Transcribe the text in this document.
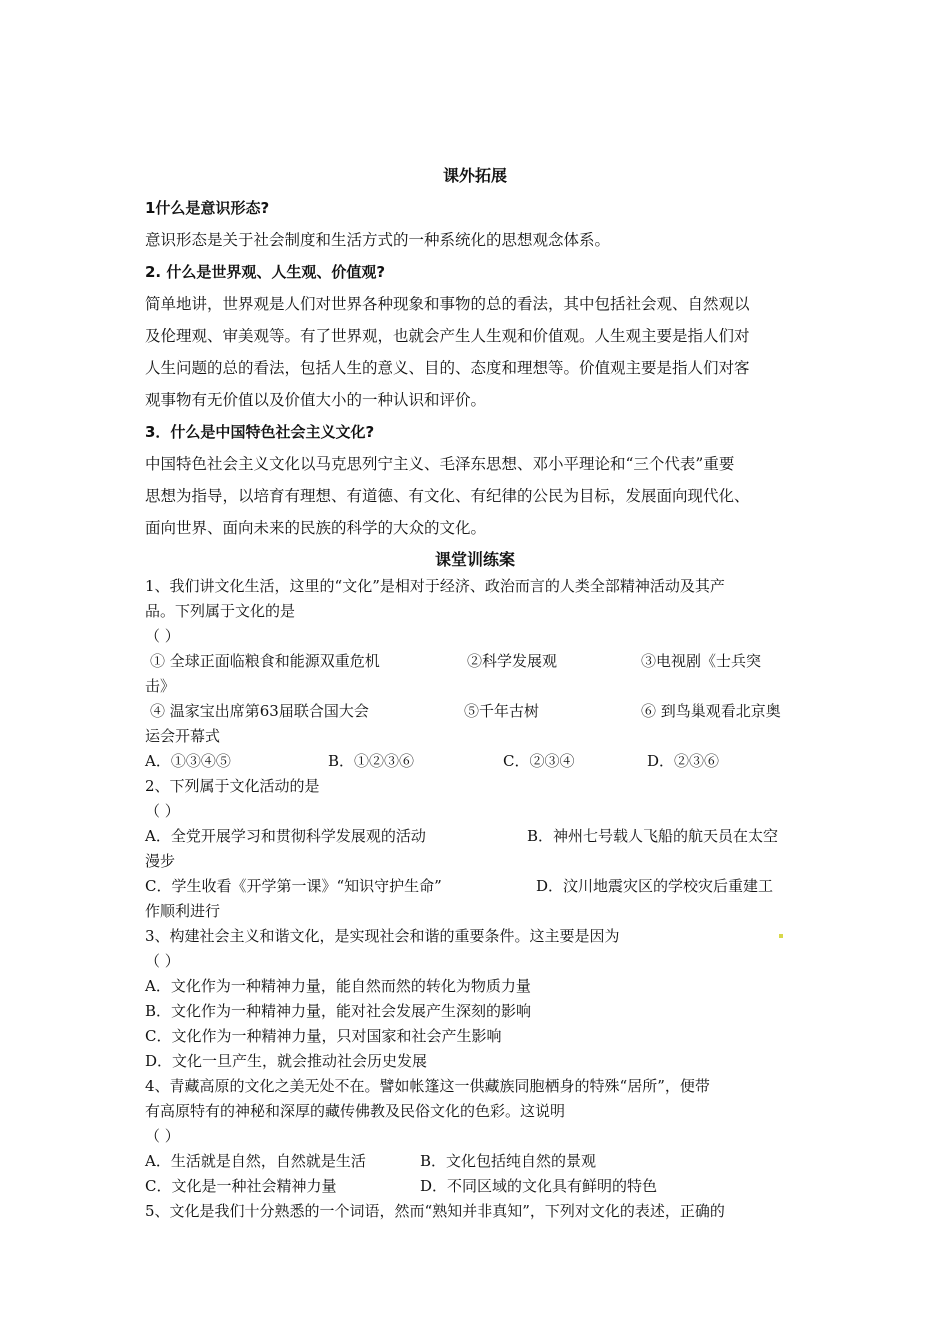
课外拓展
1什么是意识形态?
意识形态是关于社会制度和生活方式的一种系统化的思想观念体系。
2. 什么是世界观、人生观、价值观?
简单地讲，世界观是人们对世界各种现象和事物的总的看法，其中包括社会观、自然观以
及伦理观、审美观等。有了世界观，也就会产生人生观和价值观。人生观主要是指人们对
人生问题的总的看法，包括人生的意义、目的、态度和理想等。价值观主要是指人们对客
观事物有无价值以及价值大小的一种认识和评价。
3．什么是中国特色社会主义文化?
中国特色社会主义文化以马克思列宁主义、毛泽东思想、邓小平理论和“三个代表”重要
思想为指导，以培育有理想、有道德、有文化、有纪律的公民为目标，发展面向现代化、
面向世界、面向未来的民族的科学的大众的文化。
课堂训练案
1、我们讲文化生活，这里的“文化”是相对于经济、政治而言的人类全部精神活动及其产
品。下列属于文化的是
（ ）
① 全球正面临粮食和能源双重危机	②科学发展观	③电视剧《士兵突
击》
④ 温家宝出席第63届联合国大会	⑤千年古树	⑥ 到鸟巢观看北京奥
运会开幕式
A．①③④⑤	B．①②③⑥	C．②③④	D．②③⑥
2、下列属于文化活动的是
（ ）
A．全党开展学习和贯彻科学发展观的活动	B．神州七号载人飞船的航天员在太空
漫步
C．学生收看《开学第一课》“知识守护生命”	D．汶川地震灾区的学校灾后重建工
作顺利进行
3、构建社会主义和谐文化，是实现社会和谐的重要条件。这主要是因为
（ ）
A．文化作为一种精神力量，能自然而然的转化为物质力量
B．文化作为一种精神力量，能对社会发展产生深刻的影响
C．文化作为一种精神力量，只对国家和社会产生影响
D．文化一旦产生，就会推动社会历史发展
4、青藏高原的文化之美无处不在。譬如帐篷这一供藏族同胞栖身的特殊“居所”，便带
有高原特有的神秘和深厚的藏传佛教及民俗文化的色彩。这说明
（ ）
A．生活就是自然，自然就是生活	B．文化包括纯自然的景观
C．文化是一种社会精神力量	D．不同区域的文化具有鲜明的特色
5、文化是我们十分熟悉的一个词语，然而“熟知并非真知”，下列对文化的表述，正确的
